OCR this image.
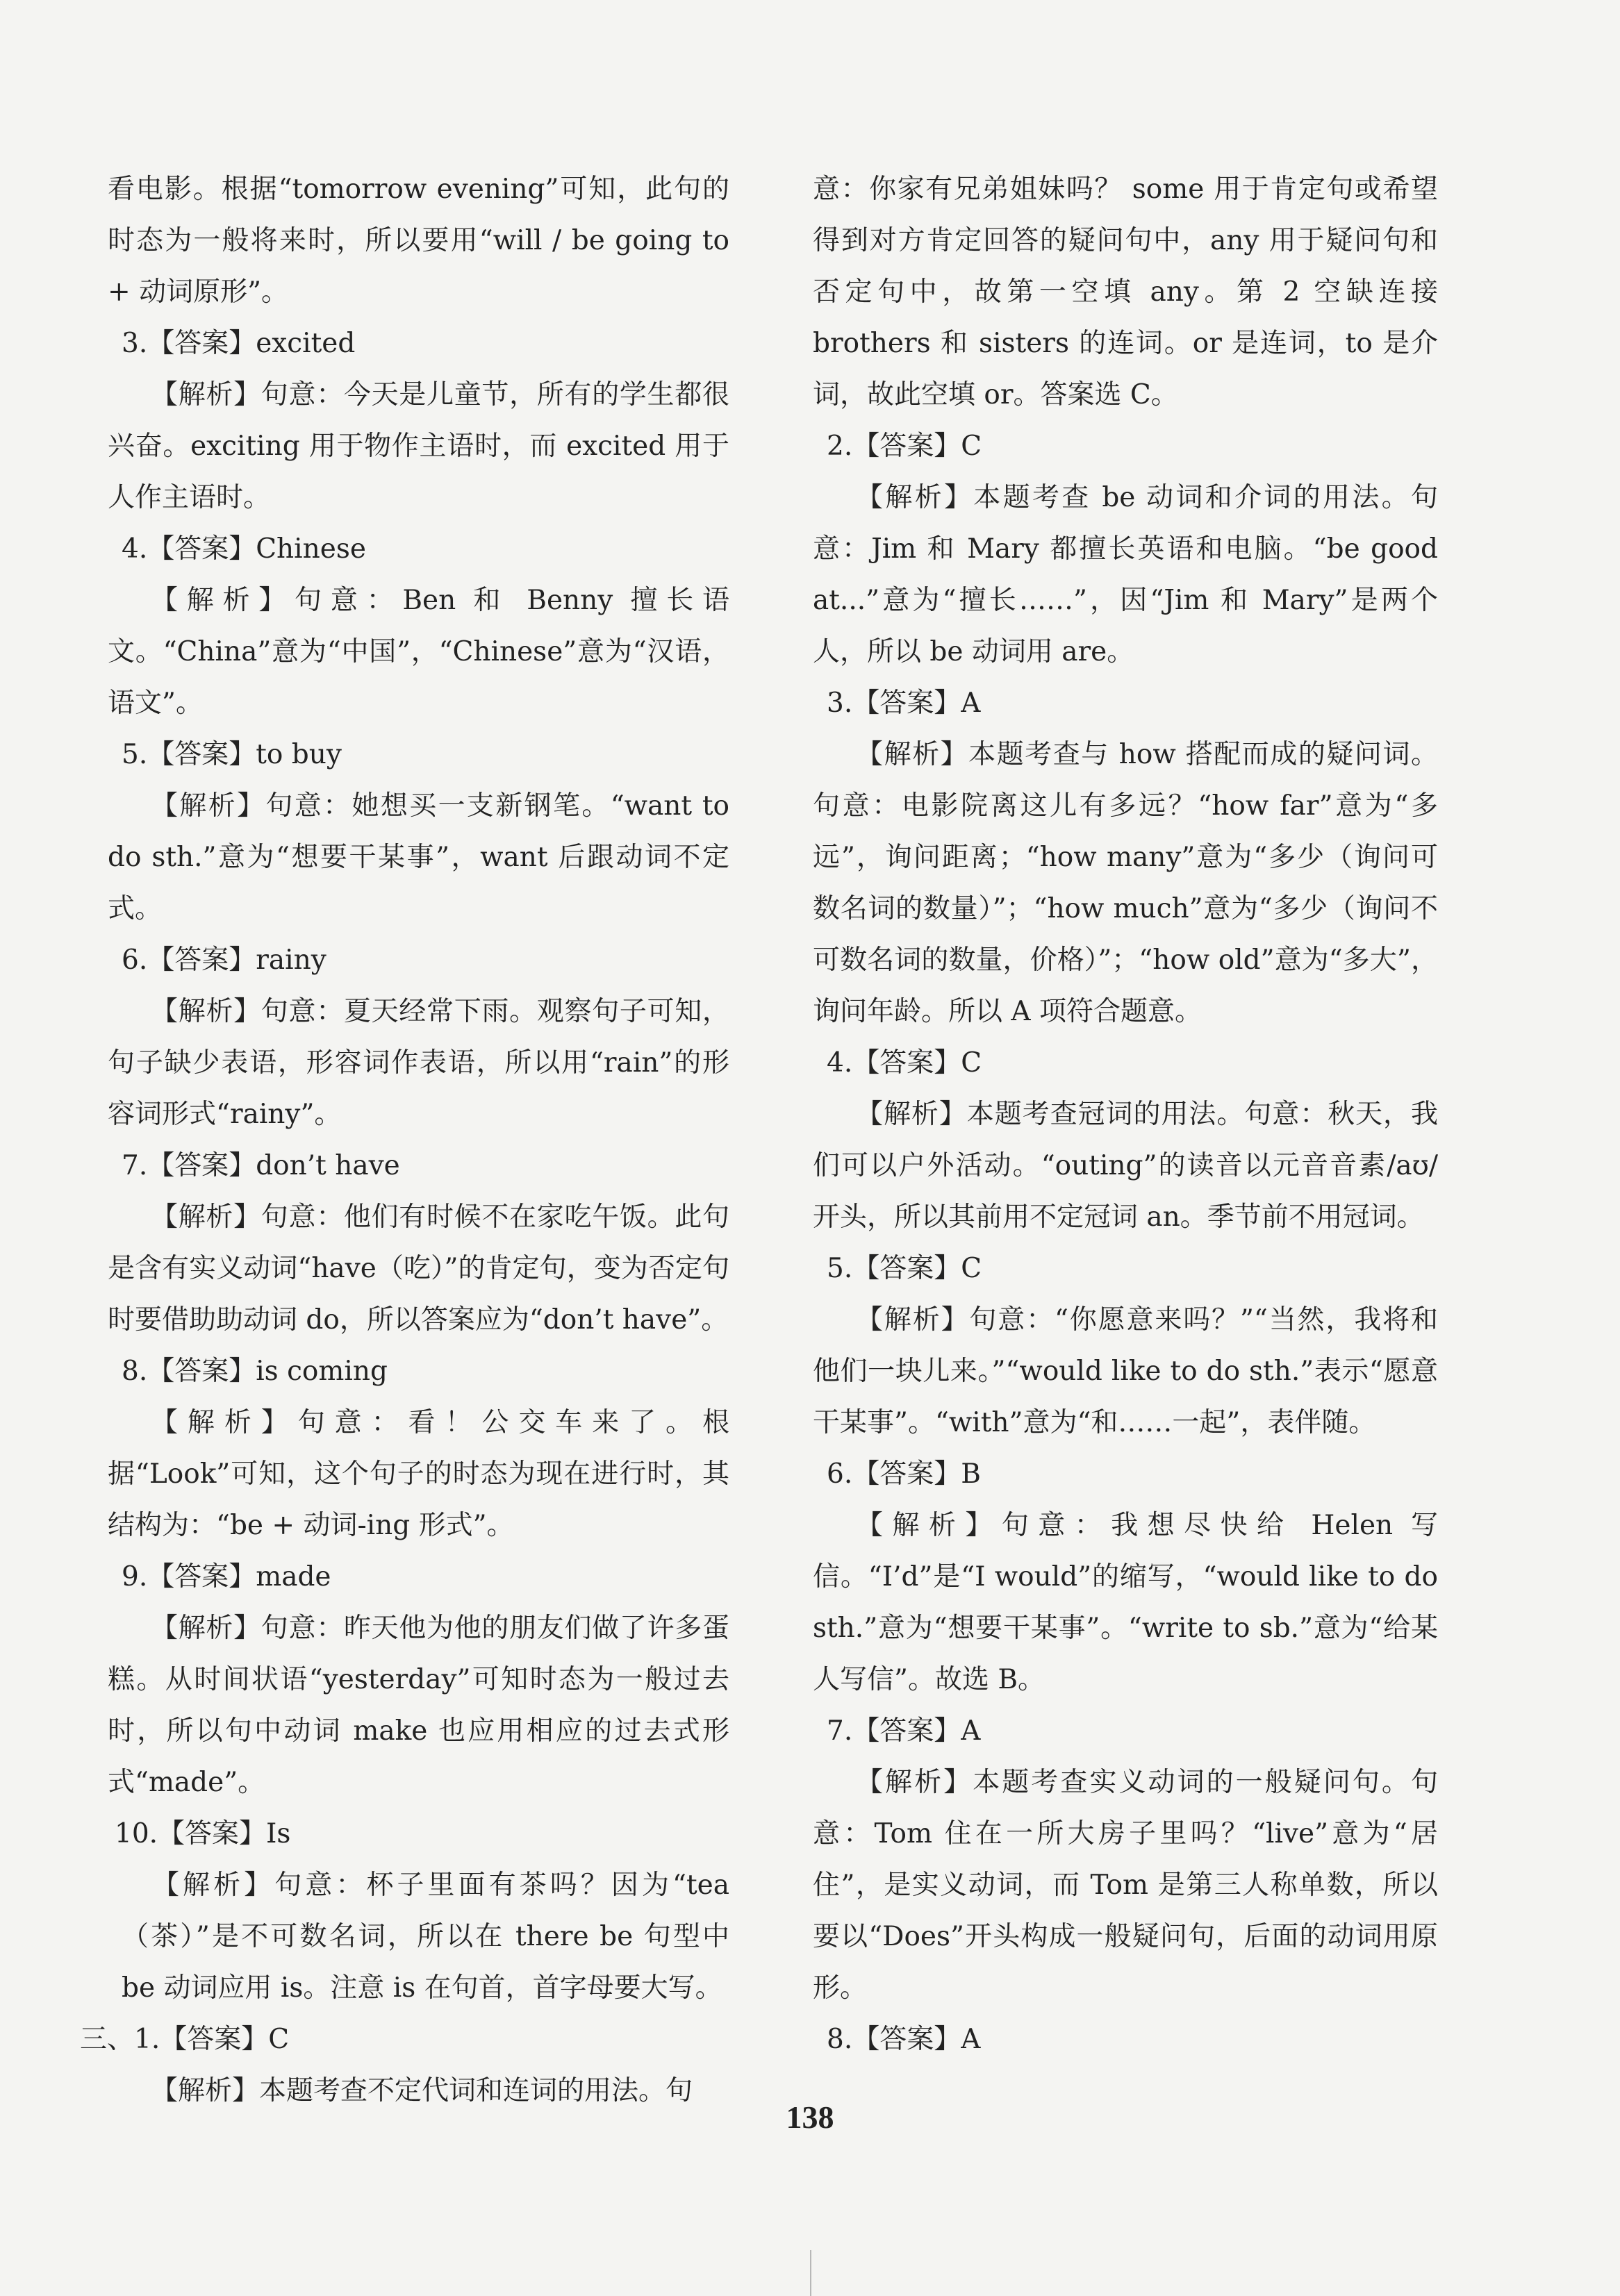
看电影。根据“tomorrow evening”可知，此句的时态为一般将来时，所以要用“will / be going to + 动词原形”。

3.【答案】excited

【解析】句意：今天是儿童节，所有的学生都很兴奋。exciting 用于物作主语时，而 excited 用于人作主语时。

4.【答案】Chinese

【解析】句意：Ben 和 Benny 擅长语文。“China”意为“中国”，“Chinese”意为“汉语，语文”。

5.【答案】to buy

【解析】句意：她想买一支新钢笔。“want to do sth.”意为“想要干某事”，want 后跟动词不定式。

6.【答案】rainy

【解析】句意：夏天经常下雨。观察句子可知，句子缺少表语，形容词作表语，所以用“rain”的形容词形式“rainy”。

7.【答案】don’t have

【解析】句意：他们有时候不在家吃午饭。此句是含有实义动词“have（吃）”的肯定句，变为否定句时要借助助动词 do，所以答案应为“don’t have”。

8.【答案】is coming

【解析】句意：看！公交车来了。根据“Look”可知，这个句子的时态为现在进行时，其结构为：“be + 动词-ing 形式”。

9.【答案】made

【解析】句意：昨天他为他的朋友们做了许多蛋糕。从时间状语“yesterday”可知时态为一般过去时，所以句中动词 make 也应用相应的过去式形式“made”。

10.【答案】Is

【解析】句意：杯子里面有茶吗？因为“tea（茶）”是不可数名词，所以在 there be 句型中 be 动词应用 is。注意 is 在句首，首字母要大写。

三、1.【答案】C

【解析】本题考查不定代词和连词的用法。句

意：你家有兄弟姐妹吗？ some 用于肯定句或希望得到对方肯定回答的疑问句中，any 用于疑问句和否定句中，故第一空填 any。第 2 空缺连接 brothers 和 sisters 的连词。or 是连词，to 是介词，故此空填 or。答案选 C。

2.【答案】C

【解析】本题考查 be 动词和介词的用法。句意：Jim 和 Mary 都擅长英语和电脑。“be good at...”意为“擅长……”，因“Jim 和 Mary”是两个人，所以 be 动词用 are。

3.【答案】A

【解析】本题考查与 how 搭配而成的疑问词。句意：电影院离这儿有多远？“how far”意为“多远”，询问距离；“how many”意为“多少（询问可数名词的数量）”；“how much”意为“多少（询问不可数名词的数量，价格）”；“how old”意为“多大”，询问年龄。所以 A 项符合题意。

4.【答案】C

【解析】本题考查冠词的用法。句意：秋天，我们可以户外活动。“outing”的读音以元音音素/aʊ/开头，所以其前用不定冠词 an。季节前不用冠词。

5.【答案】C

【解析】句意：“你愿意来吗？”“当然，我将和他们一块儿来。”“would like to do sth.”表示“愿意干某事”。“with”意为“和……一起”，表伴随。

6.【答案】B

【解析】句意：我想尽快给 Helen 写信。“I’d”是“I would”的缩写，“would like to do sth.”意为“想要干某事”。“write to sb.”意为“给某人写信”。故选 B。

7.【答案】A

【解析】本题考查实义动词的一般疑问句。句意：Tom 住在一所大房子里吗？“live”意为“居住”，是实义动词，而 Tom 是第三人称单数，所以要以“Does”开头构成一般疑问句，后面的动词用原形。

8.【答案】A

138
